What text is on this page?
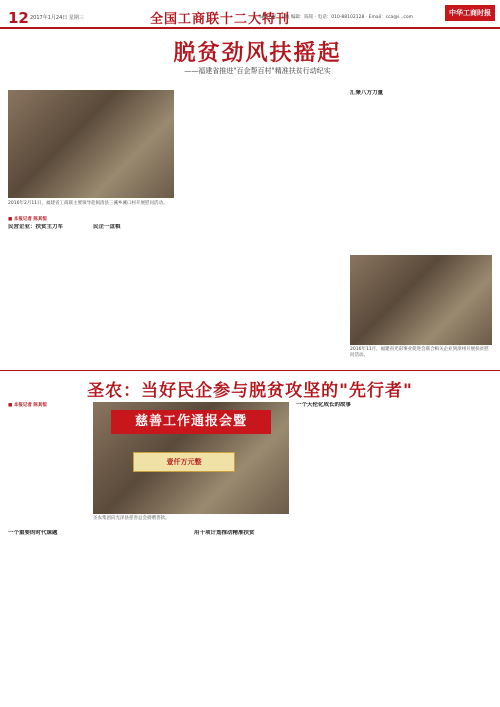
12 2017年1月24日 星期三	全国工商联十二大特刊
本版主编：王晓 编辑：陈铭 · 电话：010-88102128 · Email：cca@i...com
中华工商时报
脱贫劲风扶摇起
——福建省推进"百企帮百村"精准扶贫行动纪实
2016年2月11日，福建省工商联主要领导赴闽清县三溪乡溪口村开展慰问活动。
■ 本报记者 陈其恒
民营企业：扶贫主力军	民企一盘棋
汇聚八方力量
2016年11月，福建省光彩事业促进会联合相关企业到漳州开展扶贫慰问活动。
圣农：当好民企参与脱贫攻坚的"先行者"
■ 本报记者 陈其恒
慈善工作通报会暨
壹仟万元整
圣农集团向光泽县慈善总会捐赠善款。
一个重要的时代课题	用十项计划推动精准扶贫
一个天伦化成长的故事
